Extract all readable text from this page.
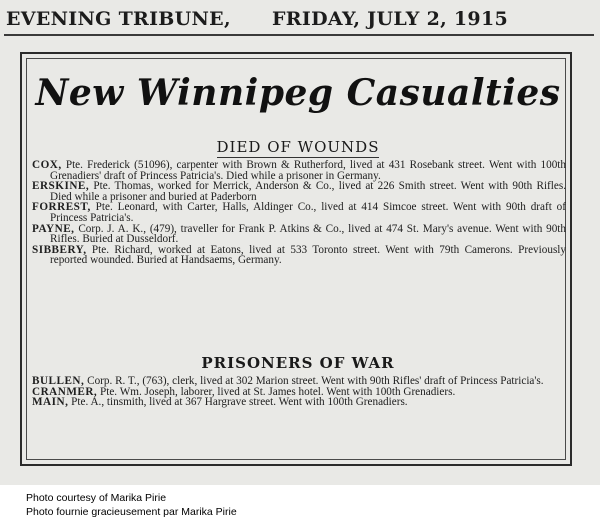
EVENING TRIBUNE, FRIDAY, JULY 2, 1915
New Winnipeg Casualties
DIED OF WOUNDS

COX, Pte. Frederick (51096), carpenter with Brown & Rutherford, lived at 431 Rosebank street. Went with 100th Grenadiers' draft of Princess Patricia's. Died while a prisoner in Germany.

ERSKINE, Pte. Thomas, worked for Merrick, Anderson & Co., lived at 226 Smith street. Went with 90th Rifles. Died while a prisoner and buried at Paderborn

FORREST, Pte. Leonard, with Carter, Halls, Aldinger Co., lived at 414 Simcoe street. Went with 90th draft of Princess Patricia's.

PAYNE, Corp. J. A. K., (479), traveller for Frank P. Atkins & Co., lived at 474 St. Mary's avenue. Went with 90th Rifles. Buried at Dusseldorf.

SIBBERY, Pte. Richard, worked at Eatons, lived at 533 Toronto street. Went with 79th Camerons. Previously reported wounded. Buried at Handsaems, Germany.

PRISONERS OF WAR

BULLEN, Corp. R. T., (763), clerk, lived at 302 Marion street. Went with 90th Rifles' draft of Princess Patricia's.

CRANMER, Pte. Wm. Joseph, laborer, lived at St. James hotel. Went with 100th Grenadiers.

MAIN, Pte. A., tinsmith, lived at 367 Hargrave street. Went with 100th Grenadiers.

Photo courtesy of Marika Pirie
Photo fournie gracieusement par Marika Pirie
